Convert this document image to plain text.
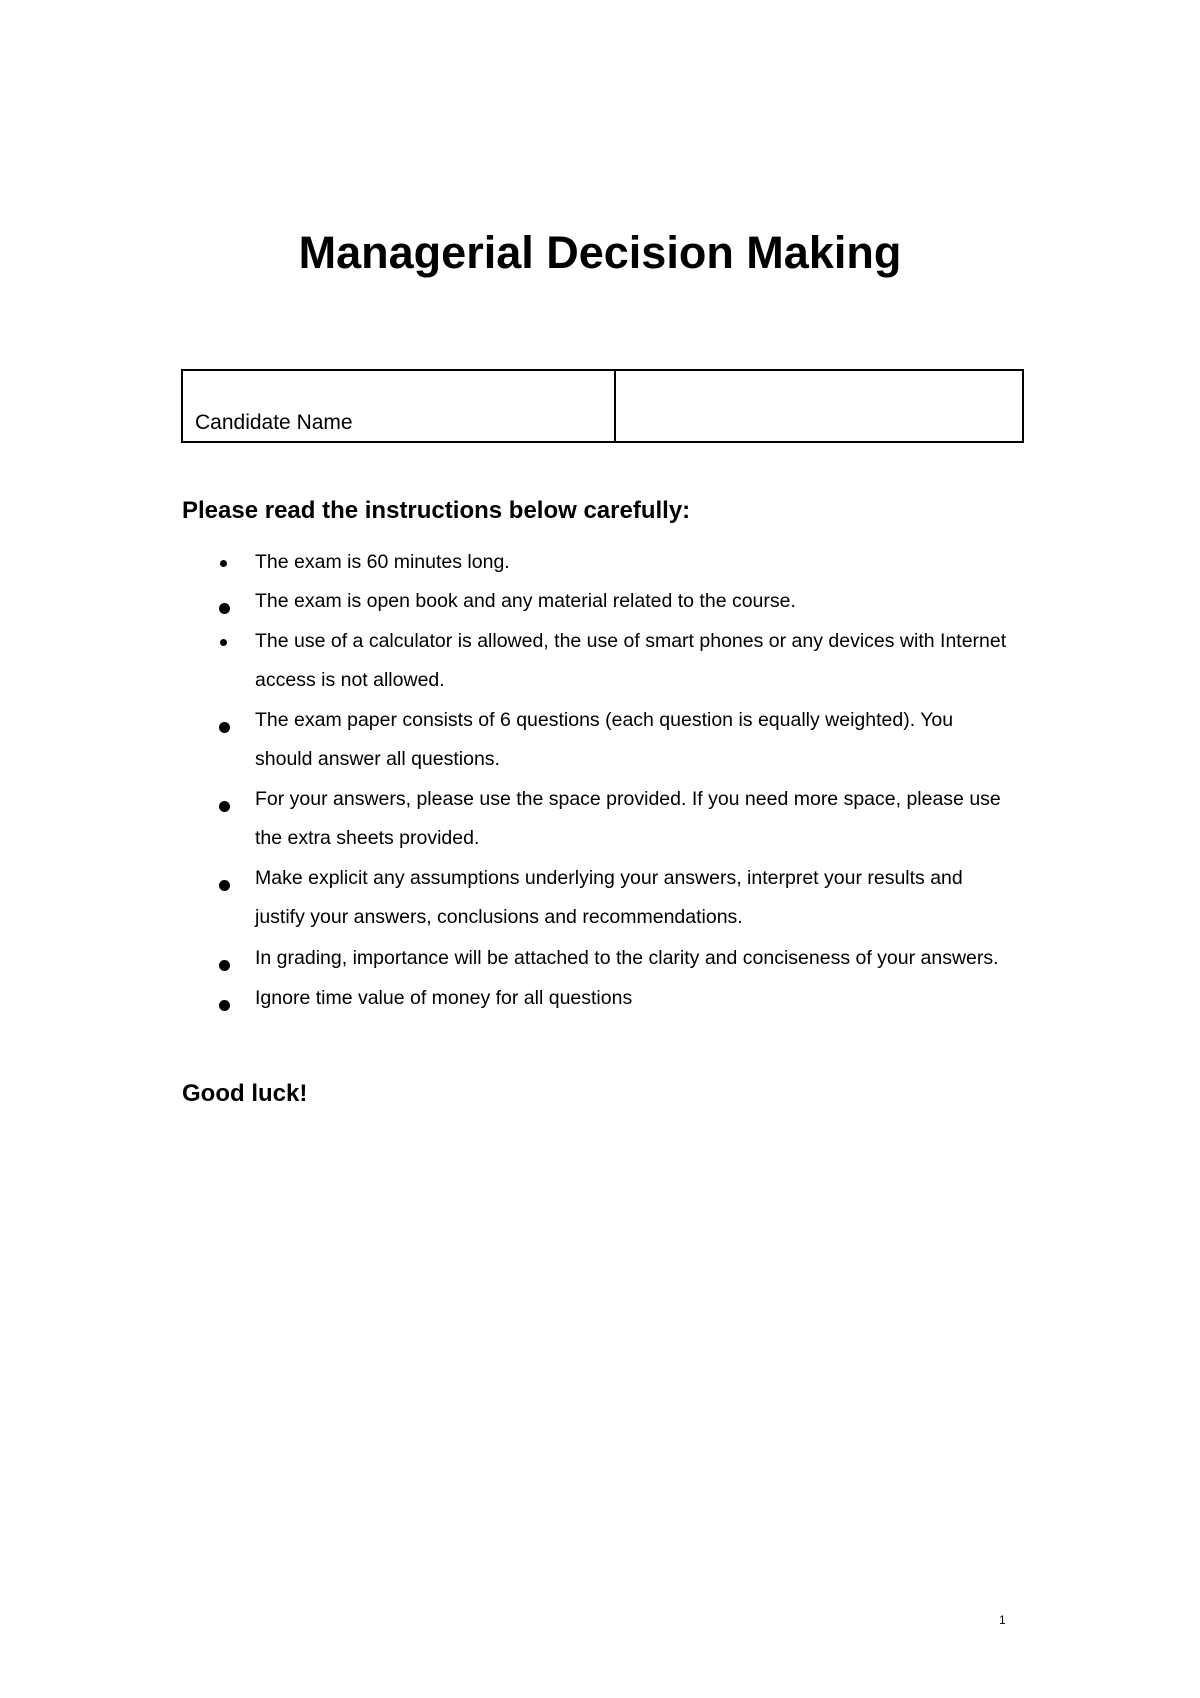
Managerial Decision Making
Candidate Name
Please read the instructions below carefully:
The exam is 60 minutes long.
The exam is open book and any material related to the course.
The use of a calculator is allowed, the use of smart phones or any devices with Internet
access is not allowed.
The exam paper consists of 6 questions (each question is equally weighted). You
should answer all questions.
For your answers, please use the space provided. If you need more space, please use
the extra sheets provided.
Make explicit any assumptions underlying your answers, interpret your results and
justify your answers, conclusions and recommendations.
In grading, importance will be attached to the clarity and conciseness of your answers.
Ignore time value of money for all questions
Good luck!
1
